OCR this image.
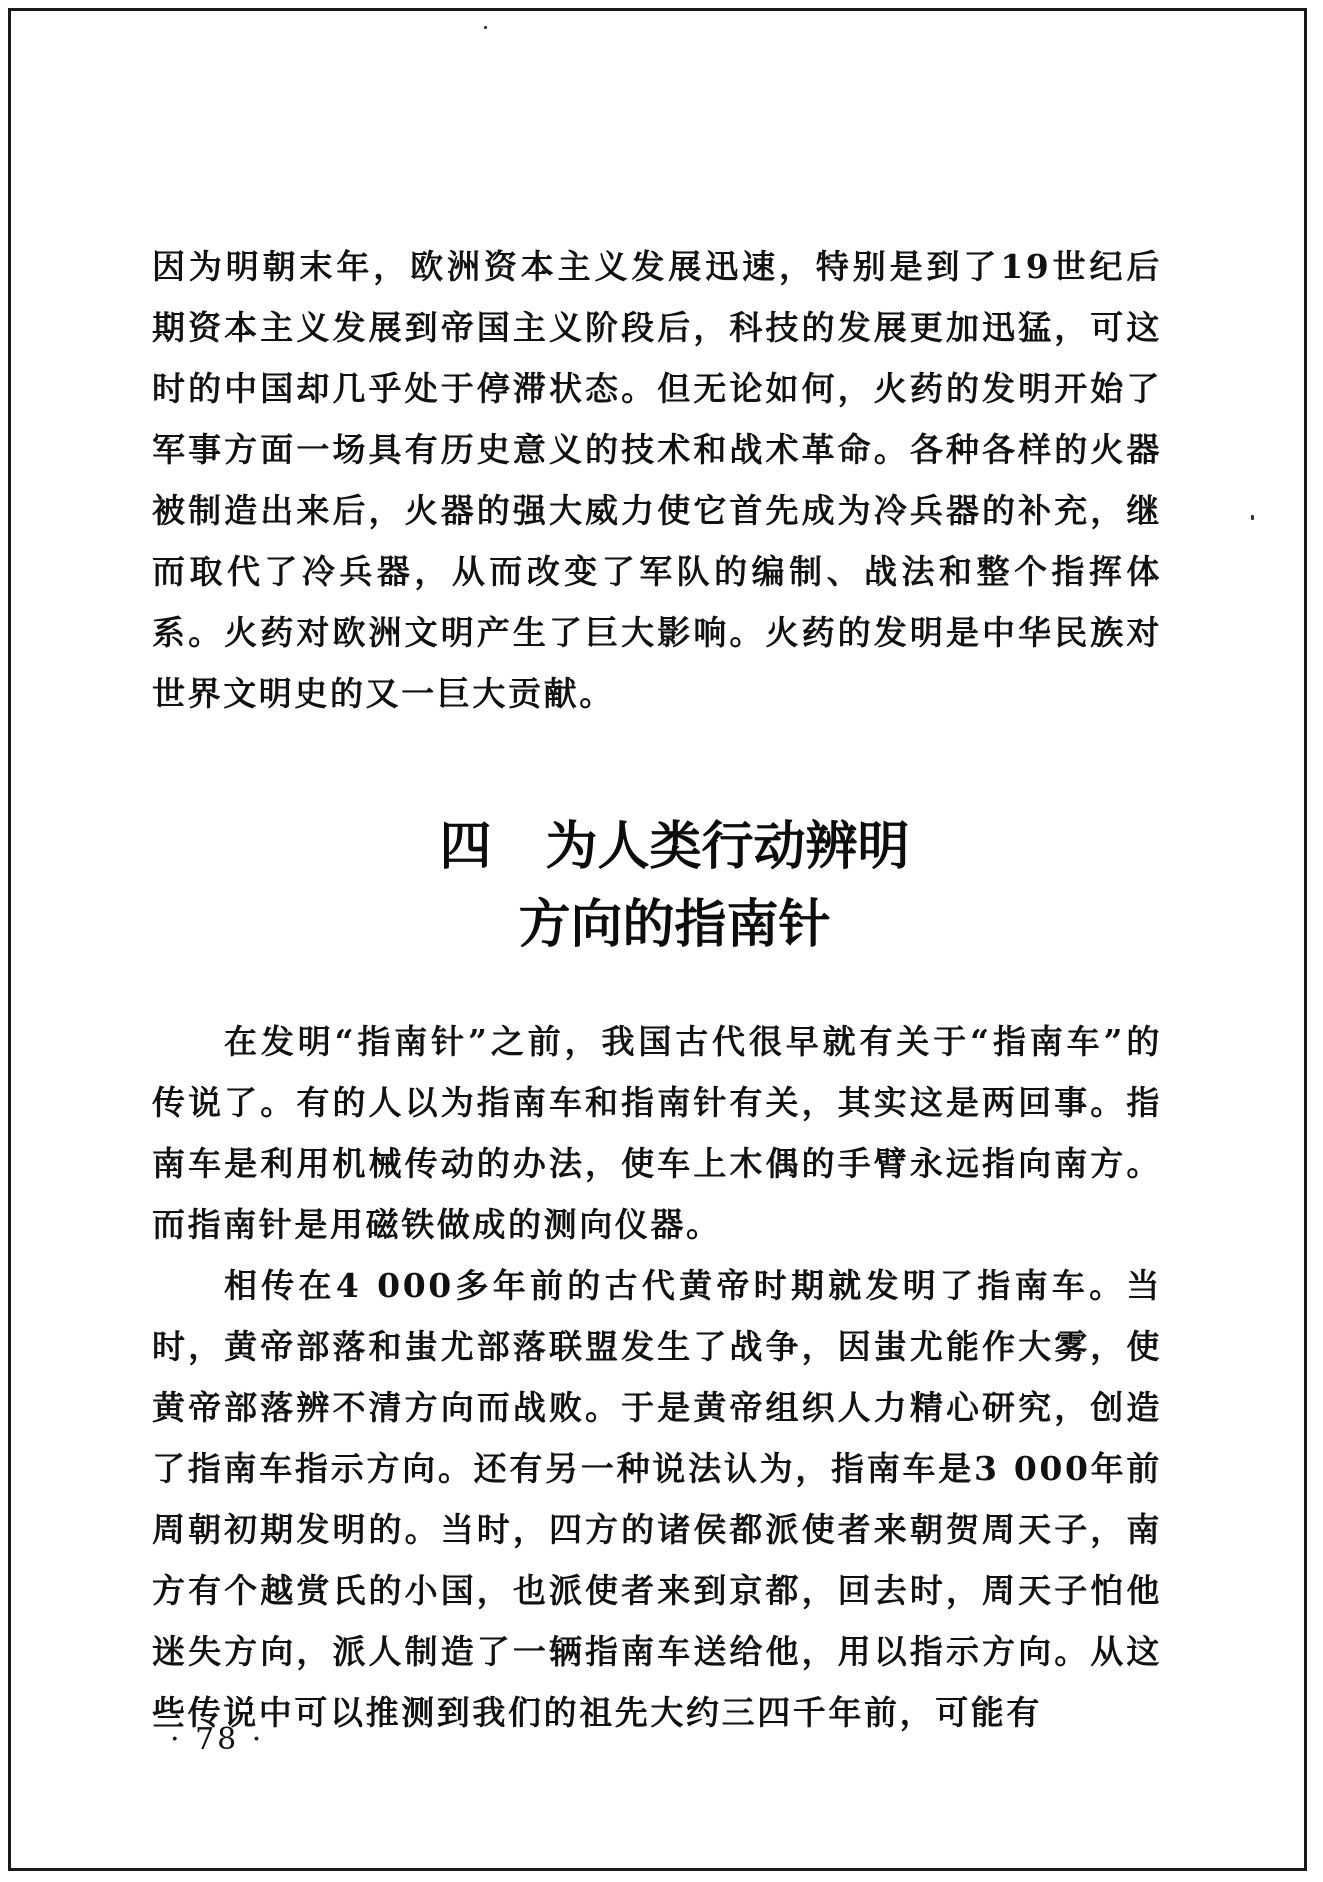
因为明朝末年，欧洲资本主义发展迅速，特别是到了19世纪后期资本主义发展到帝国主义阶段后，科技的发展更加迅猛，可这时的中国却几乎处于停滞状态。但无论如何，火药的发明开始了军事方面一场具有历史意义的技术和战术革命。各种各样的火器被制造出来后，火器的强大威力使它首先成为冷兵器的补充，继而取代了冷兵器，从而改变了军队的编制、战法和整个指挥体系。火药对欧洲文明产生了巨大影响。火药的发明是中华民族对世界文明史的又一巨大贡献。

四 为人类行动辨明
方向的指南针

在发明“指南针”之前，我国古代很早就有关于“指南车”的传说了。有的人以为指南车和指南针有关，其实这是两回事。指南车是利用机械传动的办法，使车上木偶的手臂永远指向南方。而指南针是用磁铁做成的测向仪器。

相传在4 000多年前的古代黄帝时期就发明了指南车。当时，黄帝部落和蚩尤部落联盟发生了战争，因蚩尤能作大雾，使黄帝部落辨不清方向而战败。于是黄帝组织人力精心研究，创造了指南车指示方向。还有另一种说法认为，指南车是3 000年前周朝初期发明的。当时，四方的诸侯都派使者来朝贺周天子，南方有个越赏氏的小国，也派使者来到京都，回去时，周天子怕他迷失方向，派人制造了一辆指南车送给他，用以指示方向。从这些传说中可以推测到我们的祖先大约三四千年前，可能有

· 78 ·
